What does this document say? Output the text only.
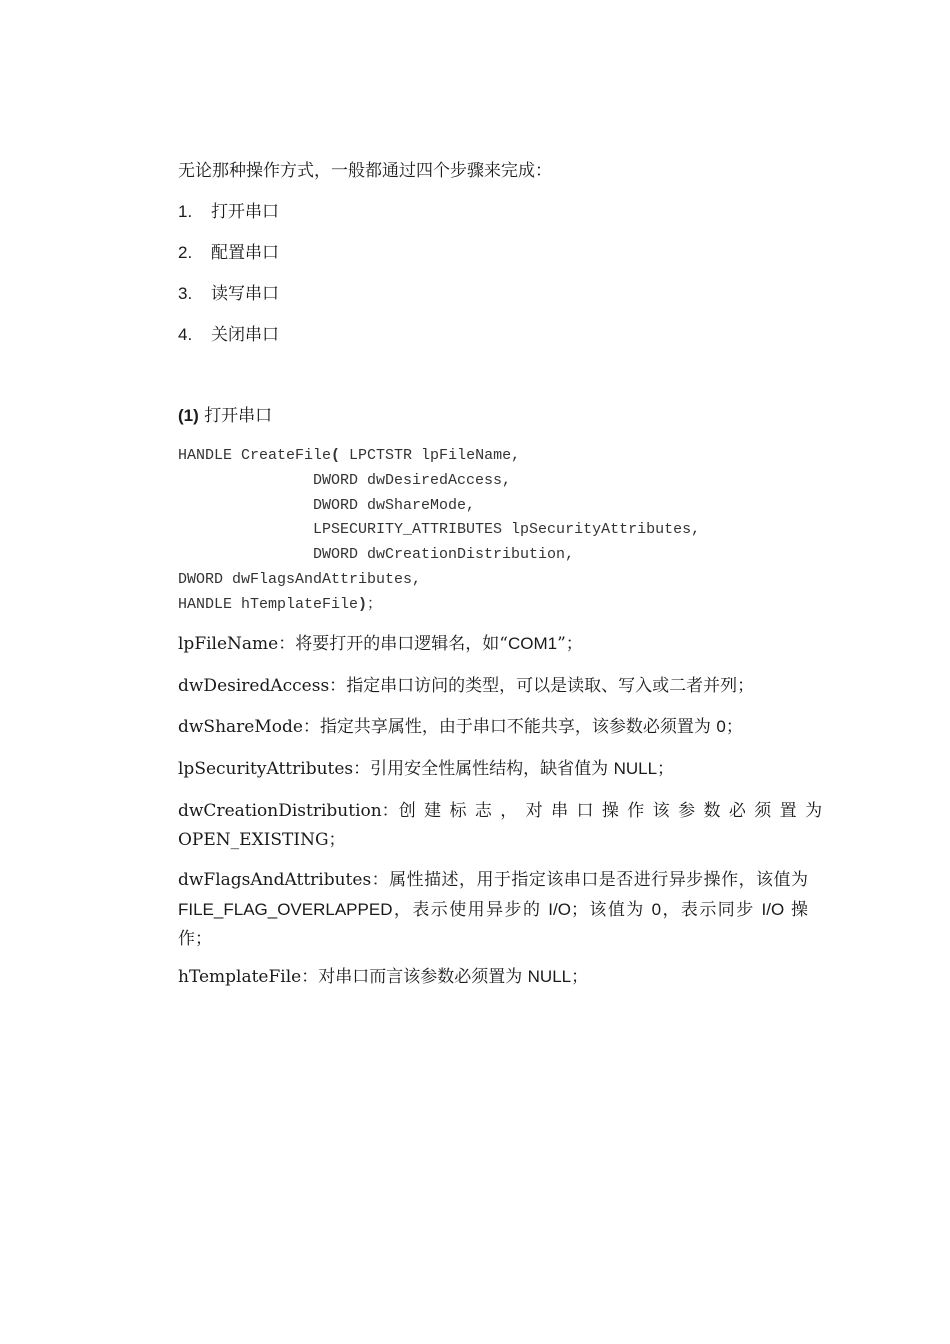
无论那种操作方式，一般都通过四个步骤来完成：
1. 打开串口
2. 配置串口
3. 读写串口
4. 关闭串口
(1) 打开串口
HANDLE CreateFile( LPCTSTR lpFileName,
DWORD dwDesiredAccess,
DWORD dwShareMode,
LPSECURITY_ATTRIBUTES lpSecurityAttributes,
DWORD dwCreationDistribution,
DWORD dwFlagsAndAttributes,
HANDLE hTemplateFile)；
lpFileName：将要打开的串口逻辑名，如“COM1”；
dwDesiredAccess：指定串口访问的类型，可以是读取、写入或二者并列；
dwShareMode：指定共享属性，由于串口不能共享，该参数必须置为 0；
lpSecurityAttributes：引用安全性属性结构，缺省值为 NULL；
dwCreationDistribution： 创建标志，对串口操作该参数必须置为
OPEN_EXISTING；
dwFlagsAndAttributes：属性描述，用于指定该串口是否进行异步操作，该值为 FILE_FLAG_OVERLAPPED，表示使用异步的 I/O；该值为 0，表示同步 I/O 操作；
hTemplateFile：对串口而言该参数必须置为 NULL；
